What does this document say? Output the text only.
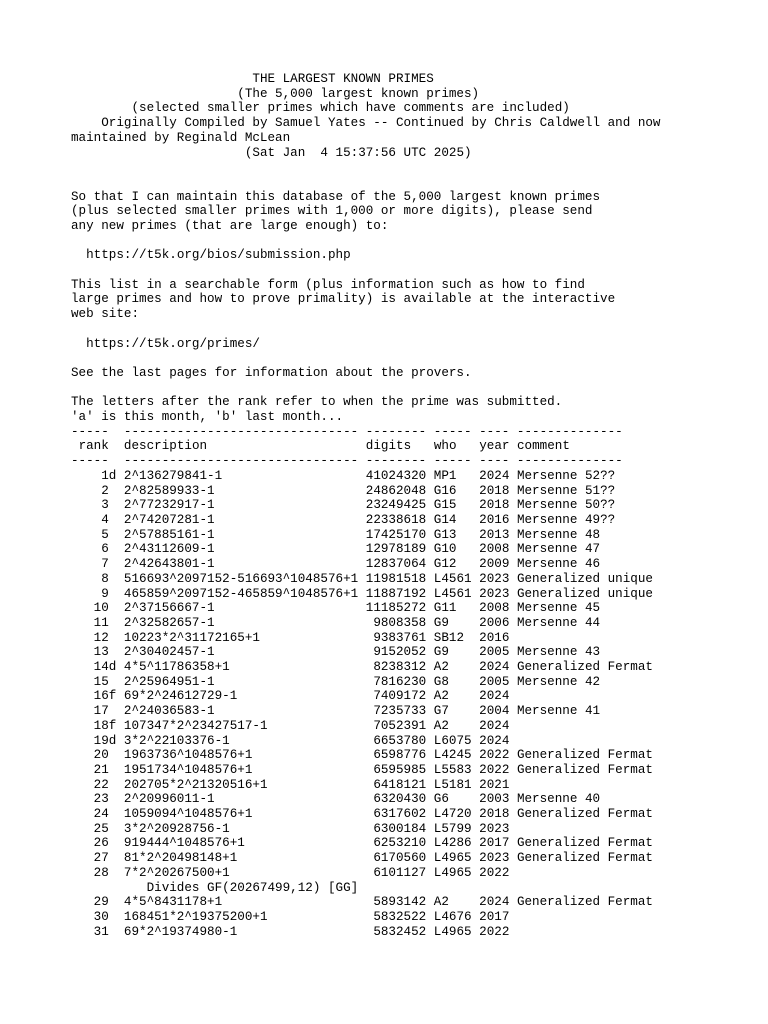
THE LARGEST KNOWN PRIMES
(The 5,000 largest known primes)
(selected smaller primes which have comments are included)
Originally Compiled by Samuel Yates -- Continued by Chris Caldwell and now
maintained by Reginald McLean
(Sat Jan  4 15:37:56 UTC 2025)
So that I can maintain this database of the 5,000 largest known primes
(plus selected smaller primes with 1,000 or more digits), please send
any new primes (that are large enough) to:
https://t5k.org/bios/submission.php
This list in a searchable form (plus information such as how to find
large primes and how to prove primality) is available at the interactive
web site:
https://t5k.org/primes/
See the last pages for information about the provers.
The letters after the rank refer to when the prime was submitted.
'a' is this month, 'b' last month...
-----  ------------------------------- -------- ----- ---- --------------
rank description	digits who year comment
-----  ------------------------------- -------- ----- ---- --------------
1d 2^136279841-1                   41024320 MP1   2024 Mersenne 52??
2  2^82589933-1                    24862048 G16   2018 Mersenne 51??
3  2^77232917-1                    23249425 G15   2018 Mersenne 50??
4  2^74207281-1                    22338618 G14   2016 Mersenne 49??
5  2^57885161-1                    17425170 G13   2013 Mersenne 48
6  2^43112609-1                    12978189 G10   2008 Mersenne 47
7  2^42643801-1                    12837064 G12   2009 Mersenne 46
8  516693^2097152-516693^1048576+1 11981518 L4561 2023 Generalized unique
9  465859^2097152-465859^1048576+1 11887192 L4561 2023 Generalized unique
10  2^37156667-1                    11185272 G11   2008 Mersenne 45
11  2^32582657-1                     9808358 G9    2006 Mersenne 44
12  10223*2^31172165+1               9383761 SB12  2016
13  2^30402457-1                     9152052 G9    2005 Mersenne 43
14d 4*5^11786358+1                   8238312 A2    2024 Generalized Fermat
15  2^25964951-1                     7816230 G8    2005 Mersenne 42
16f 69*2^24612729-1                  7409172 A2    2024
17  2^24036583-1                     7235733 G7    2004 Mersenne 41
18f 107347*2^23427517-1              7052391 A2    2024
19d 3*2^22103376-1                   6653780 L6075 2024
20  1963736^1048576+1                6598776 L4245 2022 Generalized Fermat
21  1951734^1048576+1                6595985 L5583 2022 Generalized Fermat
22  202705*2^21320516+1              6418121 L5181 2021
23  2^20996011-1                     6320430 G6    2003 Mersenne 40
24  1059094^1048576+1                6317602 L4720 2018 Generalized Fermat
25  3*2^20928756-1                   6300184 L5799 2023
26  919444^1048576+1                 6253210 L4286 2017 Generalized Fermat
27  81*2^20498148+1                  6170560 L4965 2023 Generalized Fermat
28  7*2^20267500+1                   6101127 L4965 2022
Divides GF(20267499,12) [GG]
29  4*5^8431178+1                    5893142 A2    2024 Generalized Fermat
30  168451*2^19375200+1              5832522 L4676 2017
31  69*2^19374980-1                  5832452 L4965 2022
